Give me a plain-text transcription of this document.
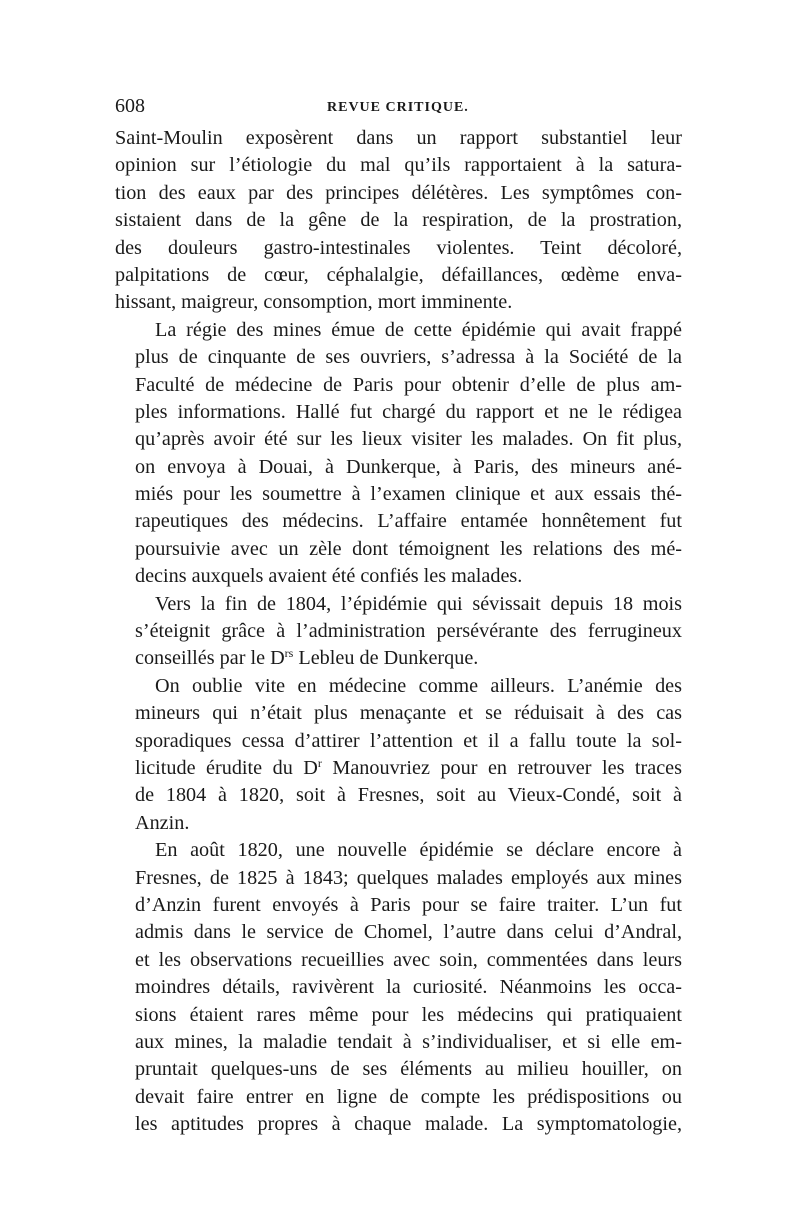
608	REVUE CRITIQUE.
Saint-Moulin exposèrent dans un rapport substantiel leur
opinion sur l’étiologie du mal qu’ils rapportaient à la satura-
tion des eaux par des principes délétères. Les symptômes con-
sistaient dans de la gêne de la respiration, de la prostration,
des douleurs gastro-intestinales violentes. Teint décoloré,
palpitations de cœur, céphalalgie, défaillances, œdème enva-
hissant, maigreur, consomption, mort imminente.
La régie des mines émue de cette épidémie qui avait frappé
plus de cinquante de ses ouvriers, s’adressa à la Société de la
Faculté de médecine de Paris pour obtenir d’elle de plus am-
ples informations. Hallé fut chargé du rapport et ne le rédigea
qu’après avoir été sur les lieux visiter les malades. On fit plus,
on envoya à Douai, à Dunkerque, à Paris, des mineurs ané-
miés pour les soumettre à l’examen clinique et aux essais thé-
rapeutiques des médecins. L’affaire entamée honnêtement fut
poursuivie avec un zèle dont témoignent les relations des mé-
decins auxquels avaient été confiés les malades.
Vers la fin de 1804, l’épidémie qui sévissait depuis 18 mois
s’éteignit grâce à l’administration persévérante des ferrugineux
conseillés par le $D^{rs}$ Lebleu de Dunkerque.
On oublie vite en médecine comme ailleurs. L’anémie des
mineurs qui n’était plus menaçante et se réduisait à des cas
sporadiques cessa d’attirer l’attention et il a fallu toute la sol-
licitude érudite du $D^r$ Manouvriez pour en retrouver les traces
de 1804 à 1820, soit à Fresnes, soit au Vieux-Condé, soit à
Anzin.
En août 1820, une nouvelle épidémie se déclare encore à
Fresnes, de 1825 à 1843; quelques malades employés aux mines
d’Anzin furent envoyés à Paris pour se faire traiter. L’un fut
admis dans le service de Chomel, l’autre dans celui d’Andral,
et les observations recueillies avec soin, commentées dans leurs
moindres détails, ravivèrent la curiosité. Néanmoins les occa-
sions étaient rares même pour les médecins qui pratiquaient
aux mines, la maladie tendait à s’individualiser, et si elle em-
pruntait quelques-uns de ses éléments au milieu houiller, on
devait faire entrer en ligne de compte les prédispositions ou
les aptitudes propres à chaque malade. La symptomatologie,
